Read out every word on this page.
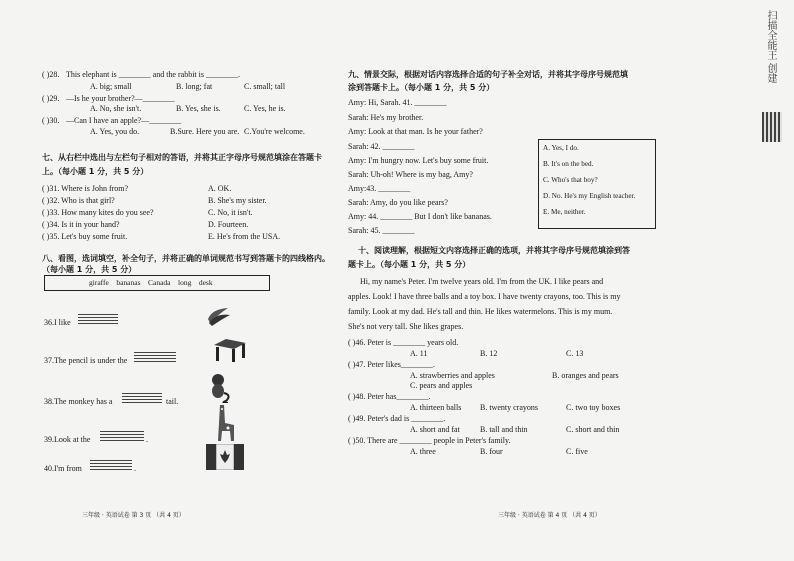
( )28. This elephant is ________ and the rabbit is ________.
A. big; small	B. long; fat	C. small; tall
( )29. —Is he your brother?—________
A. No, she isn't.	B. Yes, she is.	C. Yes, he is.
( )30. —Can I have an apple?—________
A. Yes, you do.	B.Sure. Here you are. C.You're welcome.
七、从右栏中选出与左栏句子相对的答语，并将其正字母序号规范填涂在答题卡
上。（每小题 1 分，共 5 分）
( )31. Where is John from?	A. OK.
( )32. Who is that girl?	B. She's my sister.
( )33. How many kites do you see?	C. No, it isn't.
( )34. Is it in your hand?	D. Fourteen.
( )35. Let's buy some fruit.	E. He's from the USA.
八、看图，选词填空，补全句子，并将正确的单词规范书写到答题卡的四线格内。
（每小题 1 分，共 5 分）
giraffe    bananas    Canada    long    desk
36.I like
37.The pencil is under the
38.The monkey has a	tail.
39.Look at the	.
40.I'm from	.
三年级 · 英语试卷 第 3 页 （共 4 页）
九、情景交际，根据对话内容选择合适的句子补全对话，并将其字母序号规范填
涂到答题卡上。（每小题 1 分，共 5 分）
Amy: Hi, Sarah. 41. ________
Sarah: He's my brother.
Amy: Look at that man. Is he your father?
Sarah: 42. ________
Amy: I'm hungry now. Let's buy some fruit.
Sarah: Uh-oh! Where is my bag, Amy?
Amy:43. ________
Sarah: Amy, do you like pears?
Amy: 44. ________ But I don't like bananas.
Sarah: 45. ________
A. Yes, I do.
B. It's on the bed.
C. Who's that boy?
D. No. He's my English teacher.
E. Me, neither.
十、阅读理解，根据短文内容选择正确的选项，并将其字母序号规范填涂到答
题卡上。（每小题 1 分，共 5 分）
Hi, my name's Peter. I'm twelve years old. I'm from the UK. I like pears and
apples. Look! I have three balls and a toy box. I have twenty crayons, too. This is my
family. Look at my dad. He's tall and thin. He likes watermelons. This is my mum.
She's not very tall. She likes grapes.
( )46. Peter is ________ years old.
A. 11	B. 12	C. 13
( )47. Peter likes________.
A. strawberries and apples	B. oranges and pears
C. pears and apples
( )48. Peter has________.
A. thirteen balls B. twenty crayons	C. two toy boxes
( )49. Peter's dad is ________.
A. short and fat	B. tall and thin	C. short and thin
( )50. There are ________ people in Peter's family.
A. three	B. four	C. five
三年级 · 英语试卷 第 4 页 （共 4 页）
扫描全能王 创建
